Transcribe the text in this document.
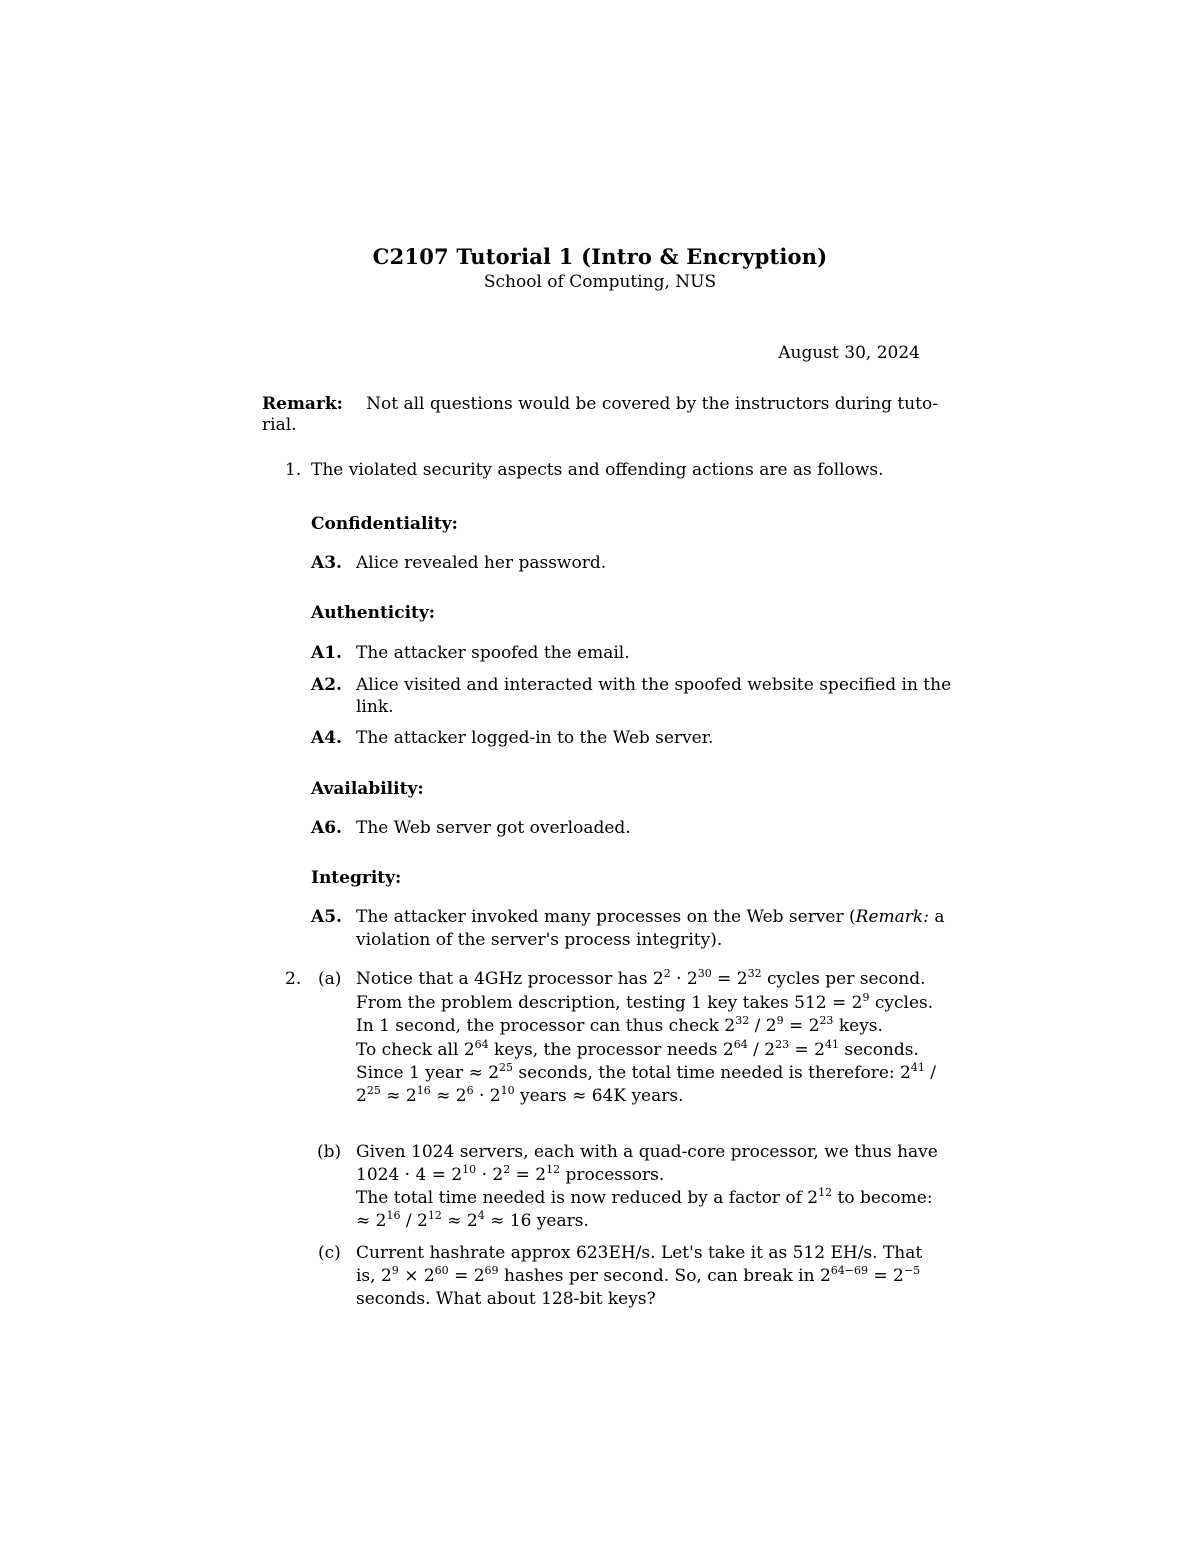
C2107 Tutorial 1 (Intro & Encryption)
School of Computing, NUS
August 30, 2024
Remark: Not all questions would be covered by the instructors during tuto-
rial.
1. The violated security aspects and offending actions are as follows.
Confidentiality:
A3. Alice revealed her password.
Authenticity:
A1. The attacker spoofed the email.
A2. Alice visited and interacted with the spoofed website specified in the
link.
A4. The attacker logged-in to the Web server.
Availability:
A6. The Web server got overloaded.
Integrity:
A5. The attacker invoked many processes on the Web server (Remark: a
violation of the server's process integrity).
2. (a) Notice that a 4GHz processor has $2^2 \cdot 2^{30} = 2^{32}$ cycles per second.
From the problem description, testing 1 key takes $512 = 2^9$ cycles.
In 1 second, the processor can thus check $2^{32} / 2^9 = 2^{23}$ keys.
To check all $2^{64}$ keys, the processor needs $2^{64} / 2^{23} = 2^{41}$ seconds.
Since 1 year ≈ $2^{25}$ seconds, the total time needed is therefore: $2^{41}$ /
$2^{25} \approx 2^{16} \approx 2^6 \cdot 2^{10}$ years ≈ 64K years.
(b) Given 1024 servers, each with a quad-core processor, we thus have
$1024 \cdot 4 = 2^{10} \cdot 2^2 = 2^{12}$ processors.
The total time needed is now reduced by a factor of $2^{12}$ to become:
≈ $2^{16} / 2^{12} \approx 2^4 \approx 16$ years.
(c) Current hashrate approx 623EH/s. Let's take it as 512 EH/s. That
is, $2^9 \times 2^{60} = 2^{69}$ hashes per second. So, can break in $2^{64-69} = 2^{-5}$
seconds. What about 128-bit keys?
